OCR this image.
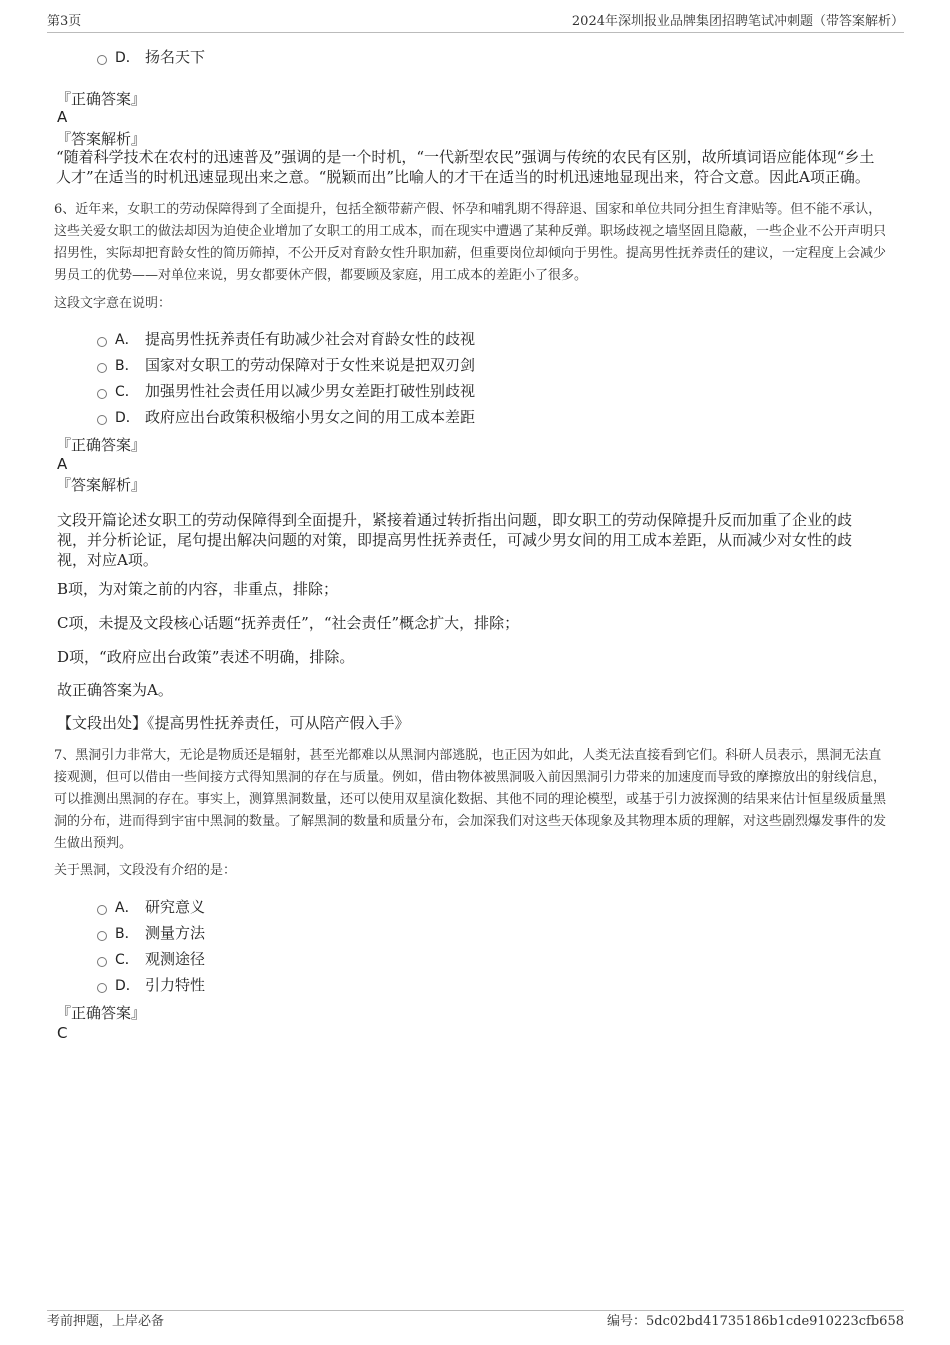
第3页	2024年深圳报业品牌集团招聘笔试冲刺题（带答案解析）
D． 扬名天下
『正确答案』
A
『答案解析』
“随着科学技术在农村的迅速普及”强调的是一个时机，“一代新型农民”强调与传统的农民有区别，故所填词语应能体现“乡土人才”在适当的时机迅速显现出来之意。“脱颖而出”比喻人的才干在适当的时机迅速地显现出来，符合文意。因此A项正确。
6、近年来，女职工的劳动保障得到了全面提升，包括全额带薪产假、怀孕和哺乳期不得辞退、国家和单位共同分担生育津贴等。但不能不承认，这些关爱女职工的做法却因为迫使企业增加了女职工的用工成本，而在现实中遭遇了某种反弹。职场歧视之墙坚固且隐蔽，一些企业不公开声明只招男性，实际却把育龄女性的简历筛掉，不公开反对育龄女性升职加薪，但重要岗位却倾向于男性。提高男性抚养责任的建议，一定程度上会减少男员工的优势——对单位来说，男女都要休产假，都要顾及家庭，用工成本的差距小了很多。
这段文字意在说明：
A． 提高男性抚养责任有助减少社会对育龄女性的歧视
B． 国家对女职工的劳动保障对于女性来说是把双刃剑
C． 加强男性社会责任用以减少男女差距打破性别歧视
D． 政府应出台政策积极缩小男女之间的用工成本差距
『正确答案』
A
『答案解析』
文段开篇论述女职工的劳动保障得到全面提升，紧接着通过转折指出问题，即女职工的劳动保障提升反而加重了企业的歧视，并分析论证，尾句提出解决问题的对策，即提高男性抚养责任，可减少男女间的用工成本差距，从而减少对女性的歧视，对应A项。
B项，为对策之前的内容，非重点，排除；
C项，未提及文段核心话题“抚养责任”，“社会责任”概念扩大，排除；
D项，“政府应出台政策”表述不明确，排除。
故正确答案为A。
【文段出处】《提高男性抚养责任，可从陪产假入手》
7、黑洞引力非常大，无论是物质还是辐射，甚至光都难以从黑洞内部逃脱，也正因为如此，人类无法直接看到它们。科研人员表示，黑洞无法直接观测，但可以借由一些间接方式得知黑洞的存在与质量。例如，借由物体被黑洞吸入前因黑洞引力带来的加速度而导致的摩擦放出的射线信息，可以推测出黑洞的存在。事实上，测算黑洞数量，还可以使用双星演化数据、其他不同的理论模型，或基于引力波探测的结果来估计恒星级质量黑洞的分布，进而得到宇宙中黑洞的数量。了解黑洞的数量和质量分布，会加深我们对这些天体现象及其物理本质的理解，对这些剧烈爆发事件的发生做出预判。
关于黑洞，文段没有介绍的是：
A． 研究意义
B． 测量方法
C． 观测途径
D． 引力特性
『正确答案』
C
考前押题，上岸必备	编号：5dc02bd41735186b1cde910223cfb658
